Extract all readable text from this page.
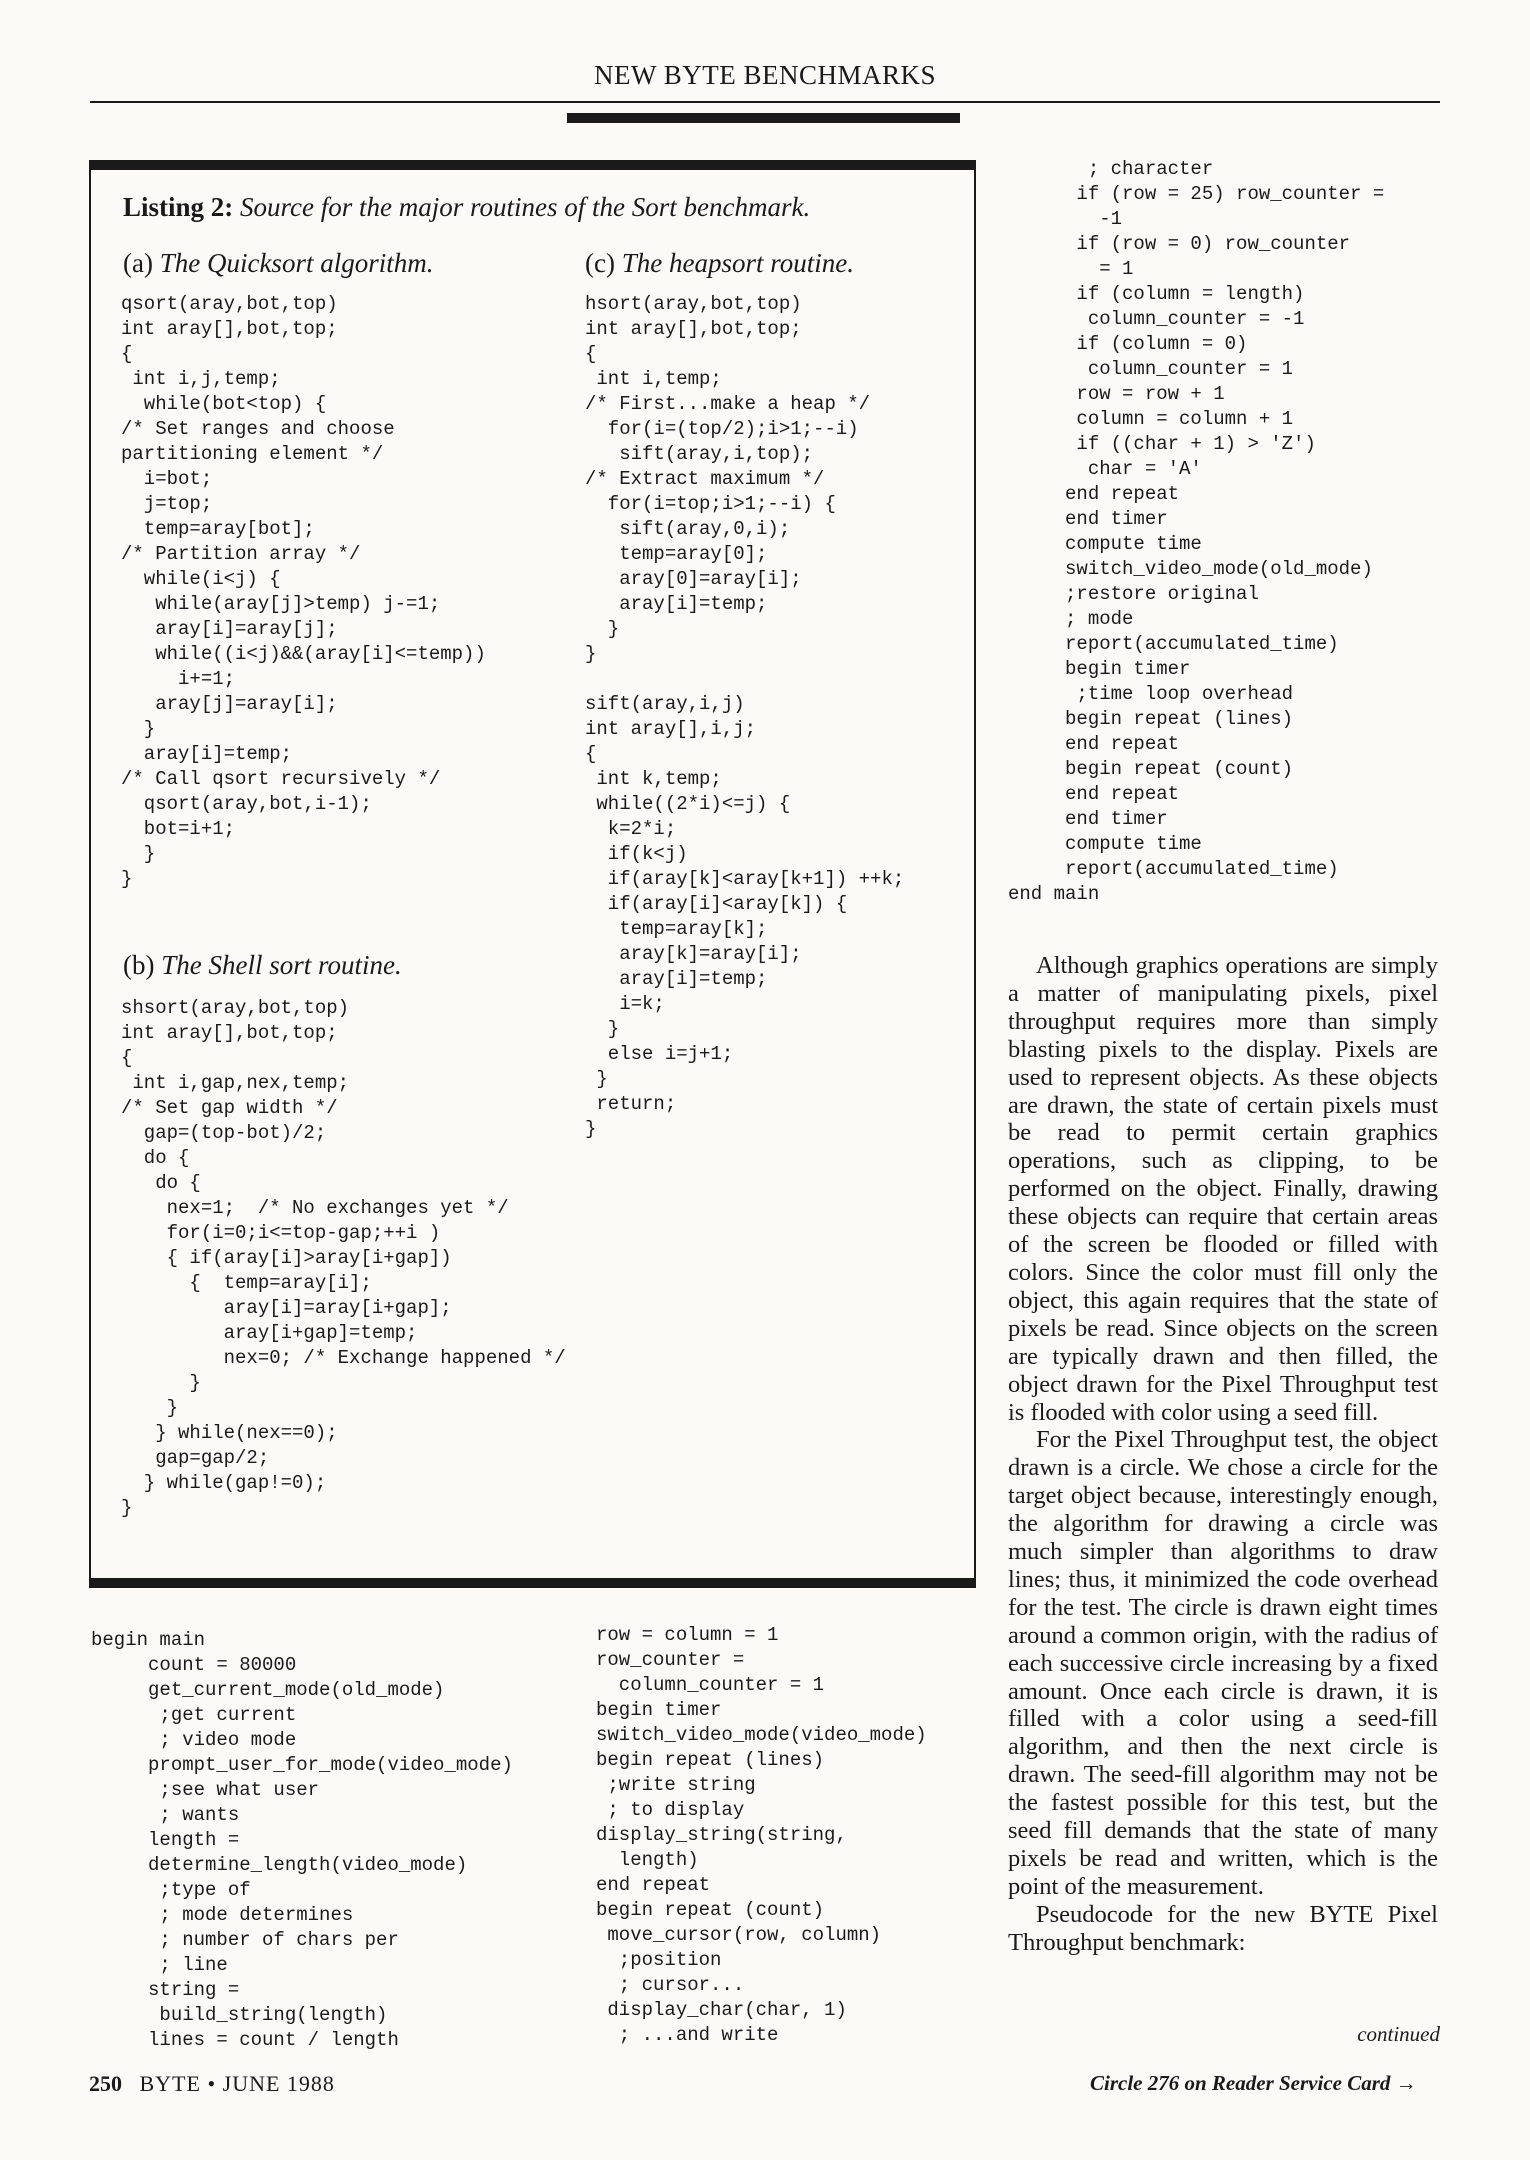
NEW BYTE BENCHMARKS
Listing 2: Source for the major routines of the Sort benchmark.
(a) The Quicksort algorithm.
qsort(aray,bot,top)
int aray[],bot,top;
{
int i,j,temp;
while(bot<top) {
/* Set ranges and choose
partitioning element */
i=bot;
j=top;
temp=aray[bot];
/* Partition array */
while(i<j) {
while(aray[j]>temp) j-=1;
aray[i]=aray[j];
while((i<j)&&(aray[i]<=temp))
i+=1;
aray[j]=aray[i];
}
aray[i]=temp;
/* Call qsort recursively */
qsort(aray,bot,i-1);
bot=i+1;
}
}
(b) The Shell sort routine.
shsort(aray,bot,top)
int aray[],bot,top;
{
int i,gap,nex,temp;
/* Set gap width */
gap=(top-bot)/2;
do {
do {
nex=1;  /* No exchanges yet */
for(i=0;i<=top-gap;++i )
{ if(aray[i]>aray[i+gap])
{  temp=aray[i];
aray[i]=aray[i+gap];
aray[i+gap]=temp;
nex=0; /* Exchange happened */
}
}
} while(nex==0);
gap=gap/2;
} while(gap!=0);
}
(c) The heapsort routine.
hsort(aray,bot,top)
int aray[],bot,top;
{
int i,temp;
/* First...make a heap */
for(i=(top/2);i>1;--i)
sift(aray,i,top);
/* Extract maximum */
for(i=top;i>1;--i) {
sift(aray,0,i);
temp=aray[0];
aray[0]=aray[i];
aray[i]=temp;
}
}

sift(aray,i,j)
int aray[],i,j;
{
int k,temp;
while((2*i)<=j) {
k=2*i;
if(k<j)
if(aray[k]<aray[k+1]) ++k;
if(aray[i]<aray[k]) {
temp=aray[k];
aray[k]=aray[i];
aray[i]=temp;
i=k;
}
else i=j+1;
}
return;
}
begin main
count = 80000
get_current_mode(old_mode)
;get current
; video mode
prompt_user_for_mode(video_mode)
;see what user
; wants
length =
determine_length(video_mode)
;type of
; mode determines
; number of chars per
; line
string =
build_string(length)
lines = count / length
row = column = 1
row_counter =
column_counter = 1
begin timer
switch_video_mode(video_mode)
begin repeat (lines)
;write string
; to display
display_string(string,
length)
end repeat
begin repeat (count)
move_cursor(row, column)
;position
; cursor...
display_char(char, 1)
; ...and write
; character
if (row = 25) row_counter =
-1
if (row = 0) row_counter
= 1
if (column = length)
column_counter = -1
if (column = 0)
column_counter = 1
row = row + 1
column = column + 1
if ((char + 1) > 'Z')
char = 'A'
end repeat
end timer
compute time
switch_video_mode(old_mode)
;restore original
; mode
report(accumulated_time)
begin timer
;time loop overhead
begin repeat (lines)
end repeat
begin repeat (count)
end repeat
end timer
compute time
report(accumulated_time)
end main

Although graphics operations are simply a matter of manipulating pixels, pixel throughput requires more than simply blasting pixels to the display. Pixels are used to represent objects. As these objects are drawn, the state of certain pixels must be read to permit certain graphics operations, such as clipping, to be performed on the object. Finally, drawing these objects can require that certain areas of the screen be flooded or filled with colors. Since the color must fill only the object, this again requires that the state of pixels be read. Since objects on the screen are typically drawn and then filled, the object drawn for the Pixel Throughput test is flooded with color using a seed fill.

For the Pixel Throughput test, the object drawn is a circle. We chose a circle for the target object because, interestingly enough, the algorithm for drawing a circle was much simpler than algorithms to draw lines; thus, it minimized the code overhead for the test. The circle is drawn eight times around a common origin, with the radius of each successive circle increasing by a fixed amount. Once each circle is drawn, it is filled with a color using a seed-fill algorithm, and then the next circle is drawn. The seed-fill algorithm may not be the fastest possible for this test, but the seed fill demands that the state of many pixels be read and written, which is the point of the measurement.

Pseudocode for the new BYTE Pixel Throughput benchmark:

continued
250 BYTE • JUNE 1988	Circle 276 on Reader Service Card →
